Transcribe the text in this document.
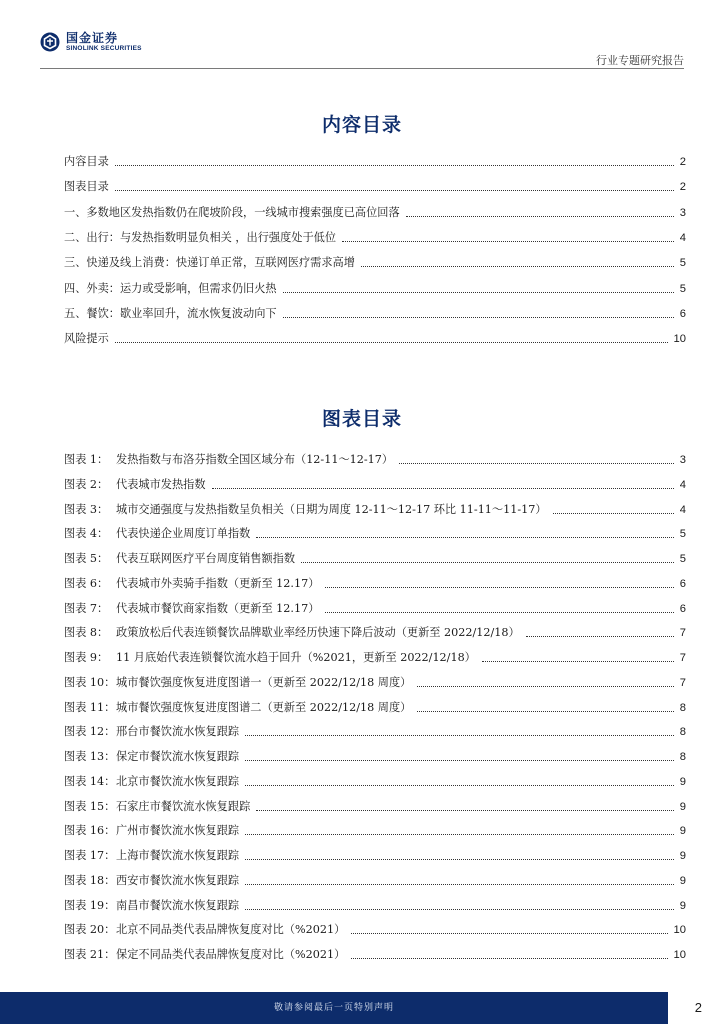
国金证券
SINOLINK SECURITIES
行业专题研究报告
内容目录
内容目录	2
图表目录	2
一、多数地区发热指数仍在爬坡阶段，一线城市搜索强度已高位回落	3
二、出行：与发热指数明显负相关 ，出行强度处于低位	4
三、快递及线上消费：快递订单正常，互联网医疗需求高增	5
四、外卖：运力或受影响，但需求仍旧火热	5
五、餐饮：歇业率回升，流水恢复波动向下	6
风险提示	10
图表目录
图表 1： 发热指数与布洛芬指数全国区域分布（12-11～12-17）	3
图表 2： 代表城市发热指数	4
图表 3： 城市交通强度与发热指数呈负相关（日期为周度 12-11～12-17 环比 11-11～11-17）	4
图表 4： 代表快递企业周度订单指数	5
图表 5： 代表互联网医疗平台周度销售额指数	5
图表 6： 代表城市外卖骑手指数（更新至 12.17）	6
图表 7： 代表城市餐饮商家指数（更新至 12.17）	6
图表 8： 政策放松后代表连锁餐饮品牌歇业率经历快速下降后波动（更新至 2022/12/18）	7
图表 9： 11 月底始代表连锁餐饮流水趋于回升（%2021，更新至 2022/12/18）	7
图表 10： 城市餐饮强度恢复进度图谱一（更新至 2022/12/18 周度）	7
图表 11： 城市餐饮强度恢复进度图谱二（更新至 2022/12/18 周度）	8
图表 12： 邢台市餐饮流水恢复跟踪	8
图表 13： 保定市餐饮流水恢复跟踪	8
图表 14： 北京市餐饮流水恢复跟踪	9
图表 15： 石家庄市餐饮流水恢复跟踪	9
图表 16： 广州市餐饮流水恢复跟踪	9
图表 17： 上海市餐饮流水恢复跟踪	9
图表 18： 西安市餐饮流水恢复跟踪	9
图表 19： 南昌市餐饮流水恢复跟踪	9
图表 20： 北京不同品类代表品牌恢复度对比（%2021）	10
图表 21： 保定不同品类代表品牌恢复度对比（%2021）	10
敬请参阅最后一页特别声明	2
